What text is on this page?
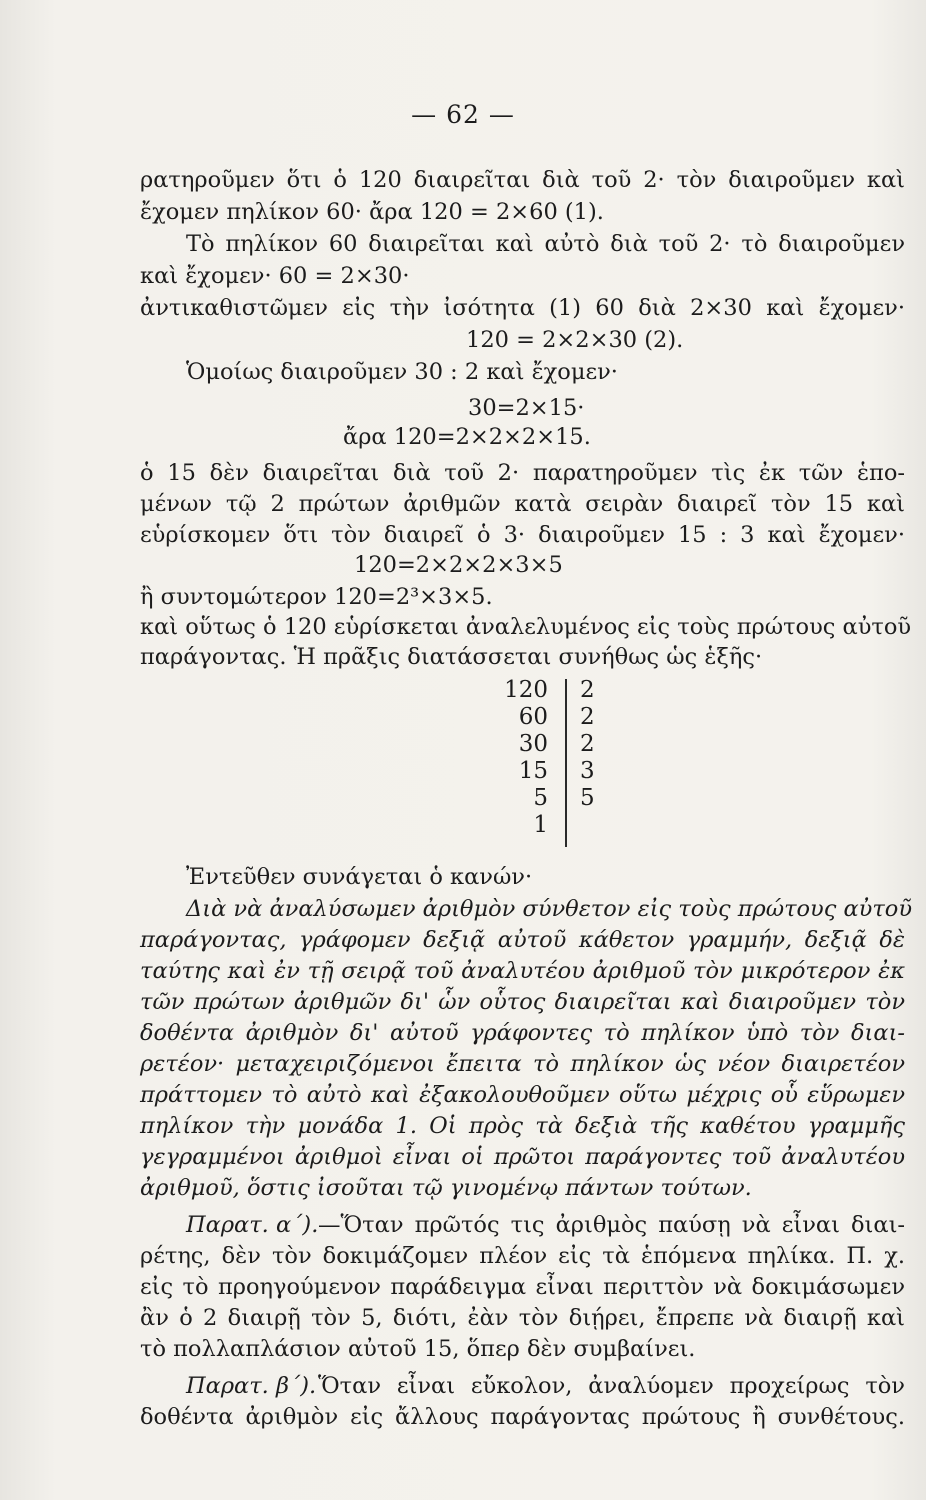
— 62 —
ρατηροῦμεν ὅτι ὁ 120 διαιρεῖται διὰ τοῦ 2· τὸν διαιροῦμεν καὶ
ἔχομεν πηλίκον 60· ἄρα 120 = 2×60 (1).
Τὸ πηλίκον 60 διαιρεῖται καὶ αὐτὸ διὰ τοῦ 2· τὸ διαιροῦμεν
καὶ ἔχομεν· 60 = 2×30·
ἀντικαθιστῶμεν εἰς τὴν ἰσότητα (1) 60 διὰ 2×30 καὶ ἔχομεν·
120 = 2×2×30 (2).
Ὁμοίως διαιροῦμεν 30 : 2 καὶ ἔχομεν·
30=2×15·
ἄρα 120=2×2×2×15.
ὁ 15 δὲν διαιρεῖται διὰ τοῦ 2· παρατηροῦμεν τὶς ἐκ τῶν ἑπο-
μένων τῷ 2 πρώτων ἀριθμῶν κατὰ σειρὰν διαιρεῖ τὸν 15 καὶ
εὑρίσκομεν ὅτι τὸν διαιρεῖ ὁ 3· διαιροῦμεν 15 : 3 καὶ ἔχομεν·
120=2×2×2×3×5
ἢ συντομώτερον 120=2³×3×5.
καὶ οὕτως ὁ 120 εὑρίσκεται ἀναλελυμένος εἰς τοὺς πρώτους αὐτοῦ
παράγοντας. Ἡ πρᾶξις διατάσσεται συνήθως ὡς ἑξῆς·
120	2
60	2
30	2
15	3
5	5
1
Ἐντεῦθεν συνάγεται ὁ κανών·
Διὰ νὰ ἀναλύσωμεν ἀριθμὸν σύνθετον εἰς τοὺς πρώτους αὐτοῦ
παράγοντας, γράφομεν δεξιᾷ αὐτοῦ κάθετον γραμμήν, δεξιᾷ δὲ
ταύτης καὶ ἐν τῇ σειρᾷ τοῦ ἀναλυτέου ἀριθμοῦ τὸν μικρότερον ἐκ
τῶν πρώτων ἀριθμῶν δι' ὧν οὗτος διαιρεῖται καὶ διαιροῦμεν τὸν
δοθέντα ἀριθμὸν δι' αὐτοῦ γράφοντες τὸ πηλίκον ὑπὸ τὸν διαι-
ρετέον· μεταχειριζόμενοι ἔπειτα τὸ πηλίκον ὡς νέον διαιρετέον
πράττομεν τὸ αὐτὸ καὶ ἐξακολουθοῦμεν οὕτω μέχρις οὗ εὕρωμεν
πηλίκον τὴν μονάδα 1. Οἱ πρὸς τὰ δεξιὰ τῆς καθέτου γραμμῆς
γεγραμμένοι ἀριθμοὶ εἶναι οἱ πρῶτοι παράγοντες τοῦ ἀναλυτέου
ἀριθμοῦ, ὅστις ἰσοῦται τῷ γινομένῳ πάντων τούτων.
Παρατ. α΄). —Ὅταν πρῶτός τις ἀριθμὸς παύσῃ νὰ εἶναι διαι-
ρέτης, δὲν τὸν δοκιμάζομεν πλέον εἰς τὰ ἑπόμενα πηλίκα. Π. χ.
εἰς τὸ προηγούμενον παράδειγμα εἶναι περιττὸν νὰ δοκιμάσωμεν
ἂν ὁ 2 διαιρῇ τὸν 5, διότι, ἐὰν τὸν διῄρει, ἔπρεπε νὰ διαιρῇ καὶ
τὸ πολλαπλάσιον αὐτοῦ 15, ὅπερ δὲν συμβαίνει.
Παρατ. β΄). Ὅταν εἶναι εὔκολον, ἀναλύομεν προχείρως τὸν
δοθέντα ἀριθμὸν εἰς ἄλλους παράγοντας πρώτους ἢ συνθέτους.
